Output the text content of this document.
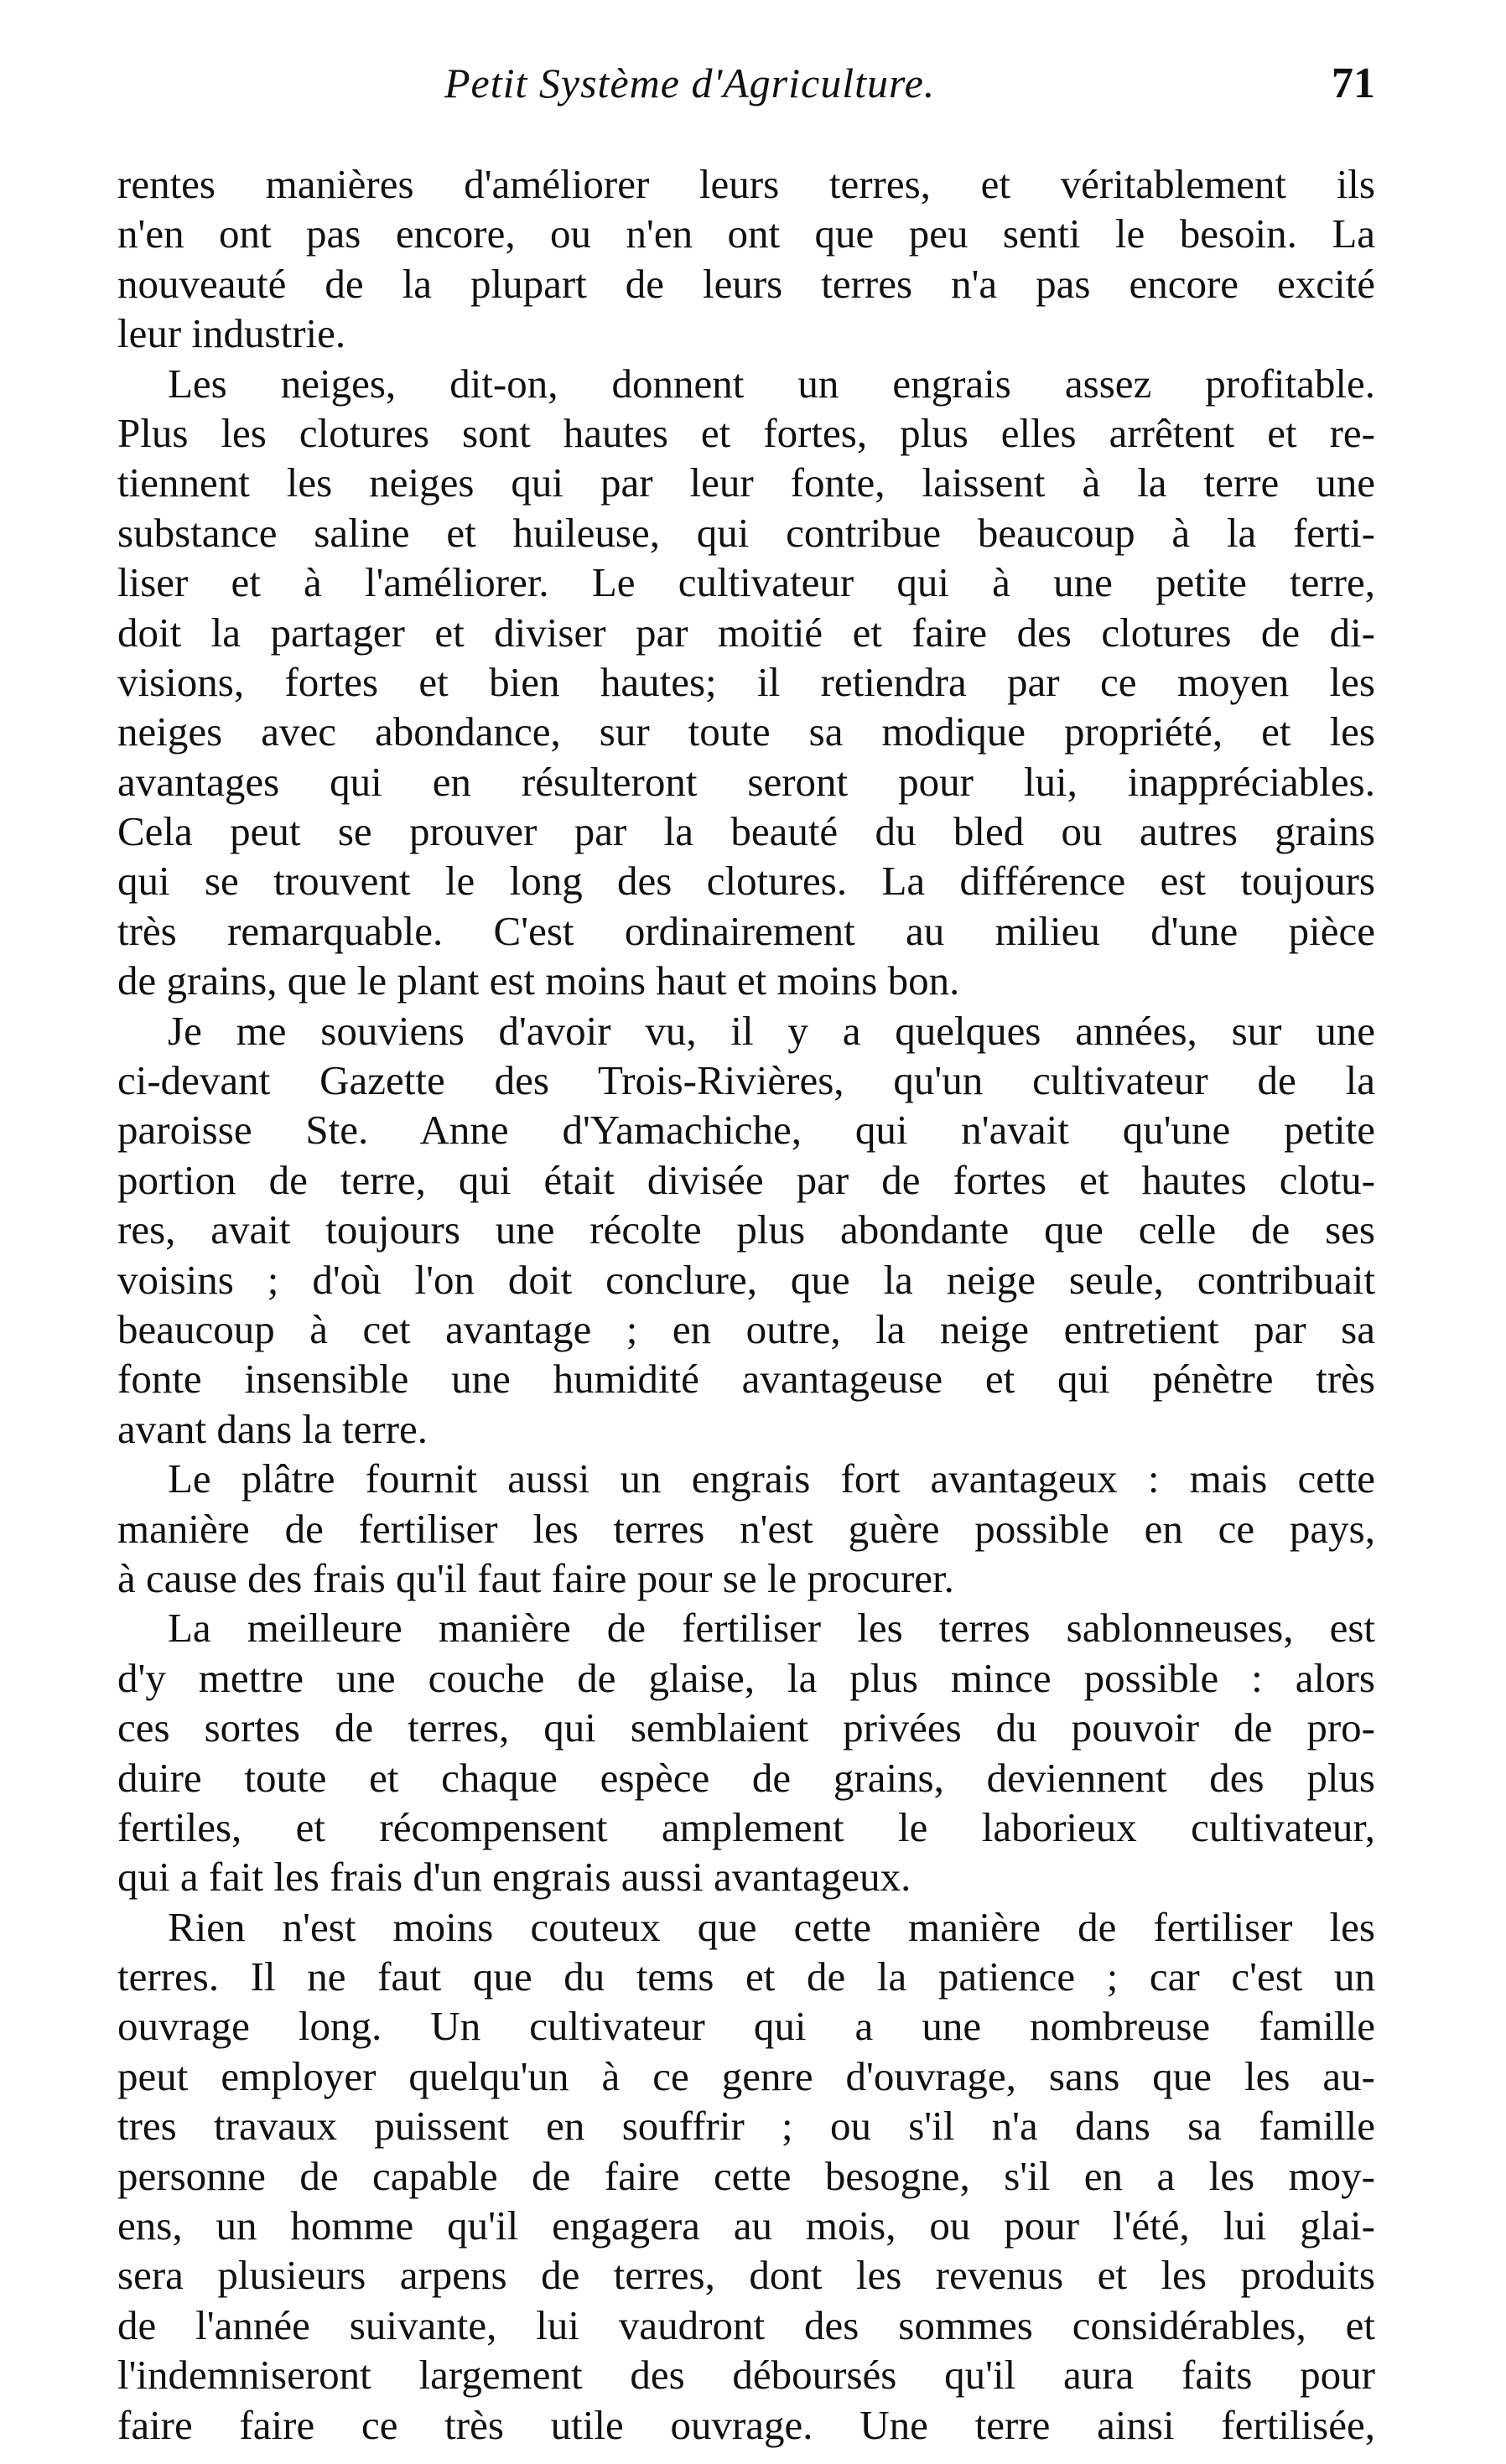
Petit Système d'Agriculture.	71
rentes manières d'améliorer leurs terres, et véritablement ils
n'en ont pas encore, ou n'en ont que peu senti le besoin. La
nouveauté de la plupart de leurs terres n'a pas encore excité
leur industrie.
Les neiges, dit-on, donnent un engrais assez profitable.
Plus les clotures sont hautes et fortes, plus elles arrêtent et re-
tiennent les neiges qui par leur fonte, laissent à la terre une
substance saline et huileuse, qui contribue beaucoup à la ferti-
liser et à l'améliorer. Le cultivateur qui à une petite terre,
doit la partager et diviser par moitié et faire des clotures de di-
visions, fortes et bien hautes; il retiendra par ce moyen les
neiges avec abondance, sur toute sa modique propriété, et les
avantages qui en résulteront seront pour lui, inappréciables.
Cela peut se prouver par la beauté du bled ou autres grains
qui se trouvent le long des clotures. La différence est toujours
très remarquable. C'est ordinairement au milieu d'une pièce
de grains, que le plant est moins haut et moins bon.
Je me souviens d'avoir vu, il y a quelques années, sur une
ci-devant Gazette des Trois-Rivières, qu'un cultivateur de la
paroisse Ste. Anne d'Yamachiche, qui n'avait qu'une petite
portion de terre, qui était divisée par de fortes et hautes clotu-
res, avait toujours une récolte plus abondante que celle de ses
voisins ; d'où l'on doit conclure, que la neige seule, contribuait
beaucoup à cet avantage ; en outre, la neige entretient par sa
fonte insensible une humidité avantageuse et qui pénètre très
avant dans la terre.
Le plâtre fournit aussi un engrais fort avantageux : mais cette
manière de fertiliser les terres n'est guère possible en ce pays,
à cause des frais qu'il faut faire pour se le procurer.
La meilleure manière de fertiliser les terres sablonneuses, est
d'y mettre une couche de glaise, la plus mince possible : alors
ces sortes de terres, qui semblaient privées du pouvoir de pro-
duire toute et chaque espèce de grains, deviennent des plus
fertiles, et récompensent amplement le laborieux cultivateur,
qui a fait les frais d'un engrais aussi avantageux.
Rien n'est moins couteux que cette manière de fertiliser les
terres. Il ne faut que du tems et de la patience ; car c'est un
ouvrage long. Un cultivateur qui a une nombreuse famille
peut employer quelqu'un à ce genre d'ouvrage, sans que les au-
tres travaux puissent en souffrir ; ou s'il n'a dans sa famille
personne de capable de faire cette besogne, s'il en a les moy-
ens, un homme qu'il engagera au mois, ou pour l'été, lui glai-
sera plusieurs arpens de terres, dont les revenus et les produits
de l'année suivante, lui vaudront des sommes considérables, et
l'indemniseront largement des déboursés qu'il aura faits pour
faire faire ce très utile ouvrage. Une terre ainsi fertilisée,
